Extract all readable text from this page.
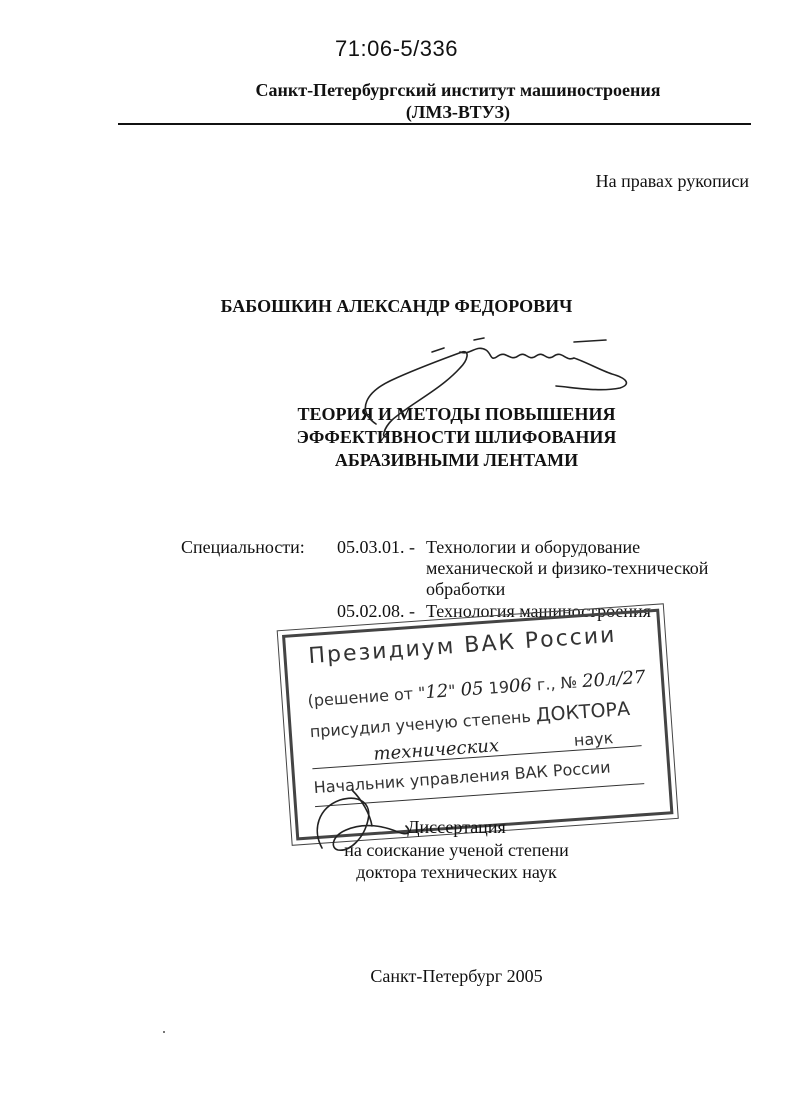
71:06-5/336
Санкт-Петербургский институт машиностроения
(ЛМЗ-ВТУЗ)
На правах рукописи
БАБОШКИН АЛЕКСАНДР ФЕДОРОВИЧ
ТЕОРИЯ И МЕТОДЫ ПОВЫШЕНИЯ
ЭФФЕКТИВНОСТИ ШЛИФОВАНИЯ
АБРАЗИВНЫМИ ЛЕНТАМИ
Специальности: 05.03.01. - Технологии и оборудование
механической и физико-технической
обработки
05.02.08. - Технология машиностроения
Президиум ВАК России
(решение от "12" 05 1906 г., № 20л/27
присудил ученую степень ДОКТОРА
технических	наук
Начальник управления ВАК России
Диссертация
на соискание ученой степени
доктора технических наук
Санкт-Петербург 2005
